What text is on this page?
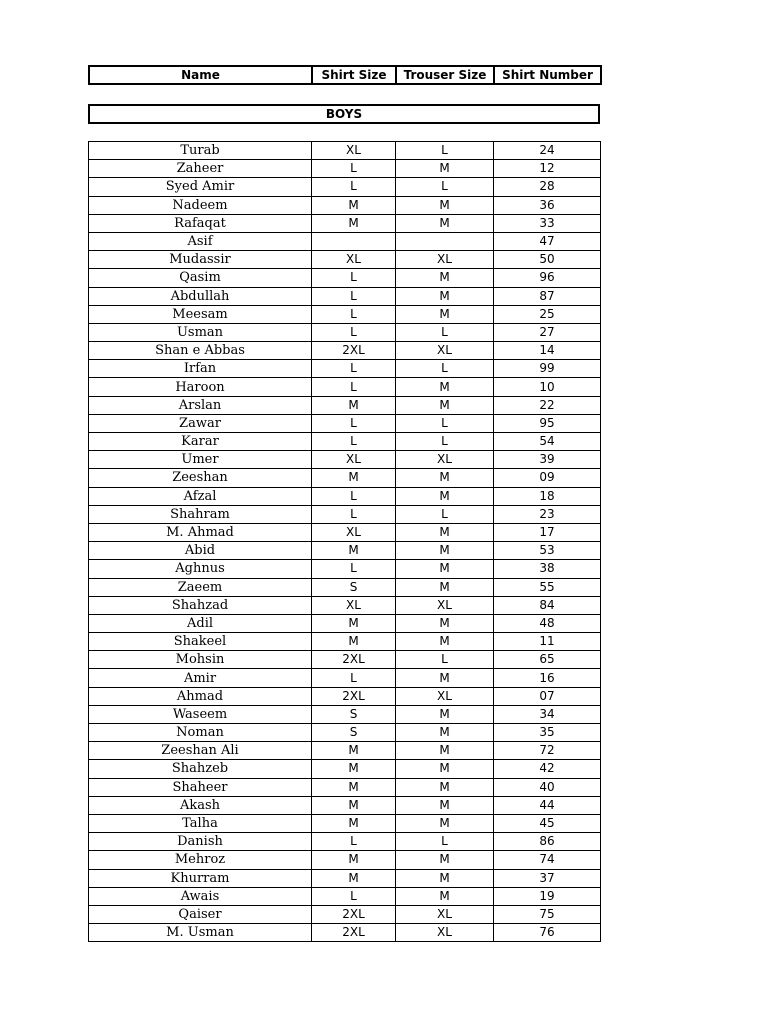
Name	Shirt Size	Trouser Size	Shirt Number
BOYS
Turab	XL	L	24
Zaheer	L	M	12
Syed Amir	L	L	28
Nadeem	M	M	36
Rafaqat	M	M	33
Asif			47
Mudassir	XL	XL	50
Qasim	L	M	96
Abdullah	L	M	87
Meesam	L	M	25
Usman	L	L	27
Shan e Abbas	2XL	XL	14
Irfan	L	L	99
Haroon	L	M	10
Arslan	M	M	22
Zawar	L	L	95
Karar	L	L	54
Umer	XL	XL	39
Zeeshan	M	M	09
Afzal	L	M	18
Shahram	L	L	23
M. Ahmad	XL	M	17
Abid	M	M	53
Aghnus	L	M	38
Zaeem	S	M	55
Shahzad	XL	XL	84
Adil	M	M	48
Shakeel	M	M	11
Mohsin	2XL	L	65
Amir	L	M	16
Ahmad	2XL	XL	07
Waseem	S	M	34
Noman	S	M	35
Zeeshan Ali	M	M	72
Shahzeb	M	M	42
Shaheer	M	M	40
Akash	M	M	44
Talha	M	M	45
Danish	L	L	86
Mehroz	M	M	74
Khurram	M	M	37
Awais	L	M	19
Qaiser	2XL	XL	75
M. Usman	2XL	XL	76
